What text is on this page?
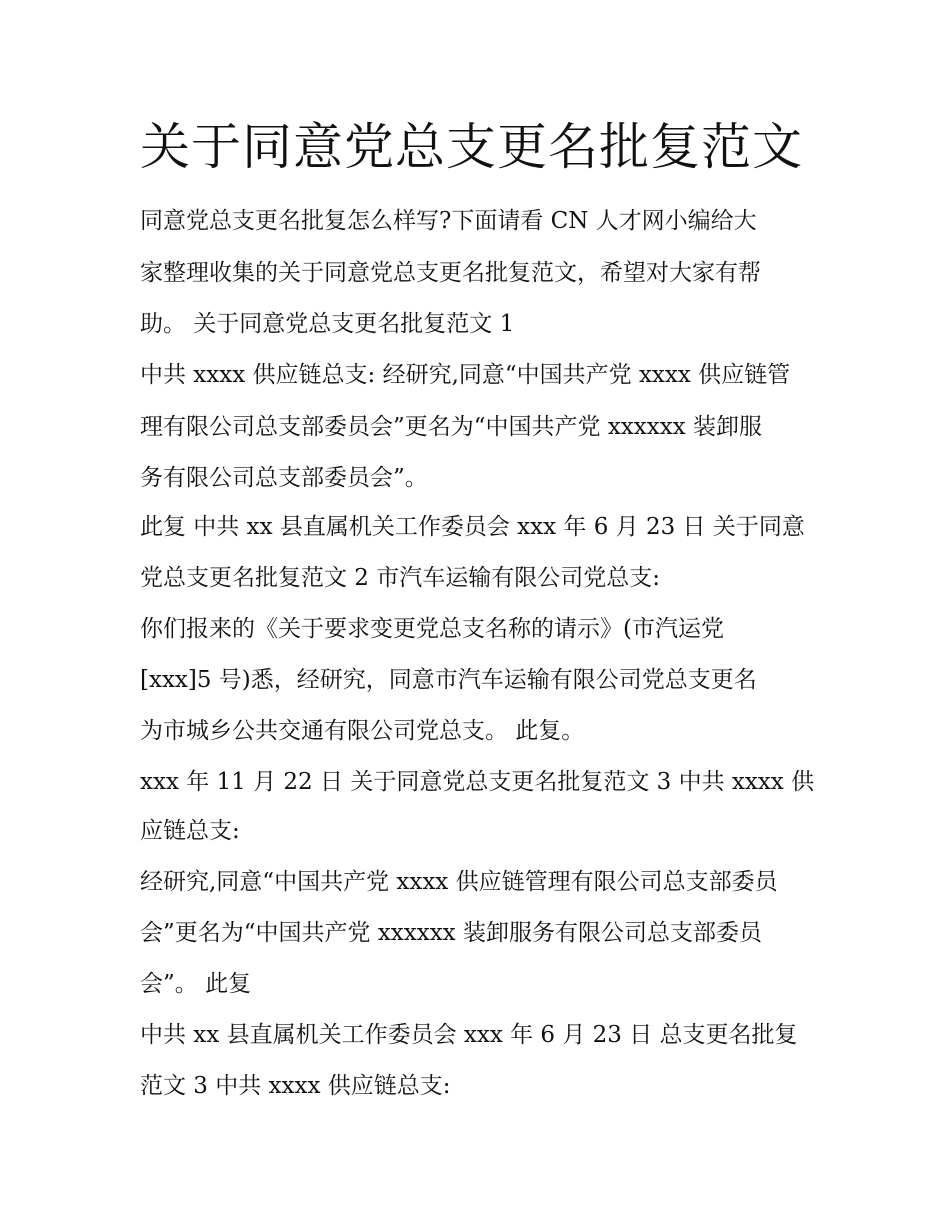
关于同意党总支更名批复范文

同意党总支更名批复怎么样写?下面请看 CN 人才网小编给大

家整理收集的关于同意党总支更名批复范文，希望对大家有帮

助。 关于同意党总支更名批复范文 1

中共 xxxx 供应链总支: 经研究,同意“中国共产党 xxxx 供应链管

理有限公司总支部委员会”更名为“中国共产党 xxxxxx 装卸服

务有限公司总支部委员会”。

此复 中共 xx 县直属机关工作委员会 xxx 年 6 月 23 日 关于同意

党总支更名批复范文 2 市汽车运输有限公司党总支:

你们报来的《关于要求变更党总支名称的请示》(市汽运党

[xxx]5 号)悉，经研究，同意市汽车运输有限公司党总支更名

为市城乡公共交通有限公司党总支。 此复。

xxx 年 11 月 22 日 关于同意党总支更名批复范文 3 中共 xxxx 供

应链总支:

经研究,同意“中国共产党 xxxx 供应链管理有限公司总支部委员

会”更名为“中国共产党 xxxxxx 装卸服务有限公司总支部委员

会”。 此复

中共 xx 县直属机关工作委员会 xxx 年 6 月 23 日 总支更名批复

范文 3 中共 xxxx 供应链总支:
